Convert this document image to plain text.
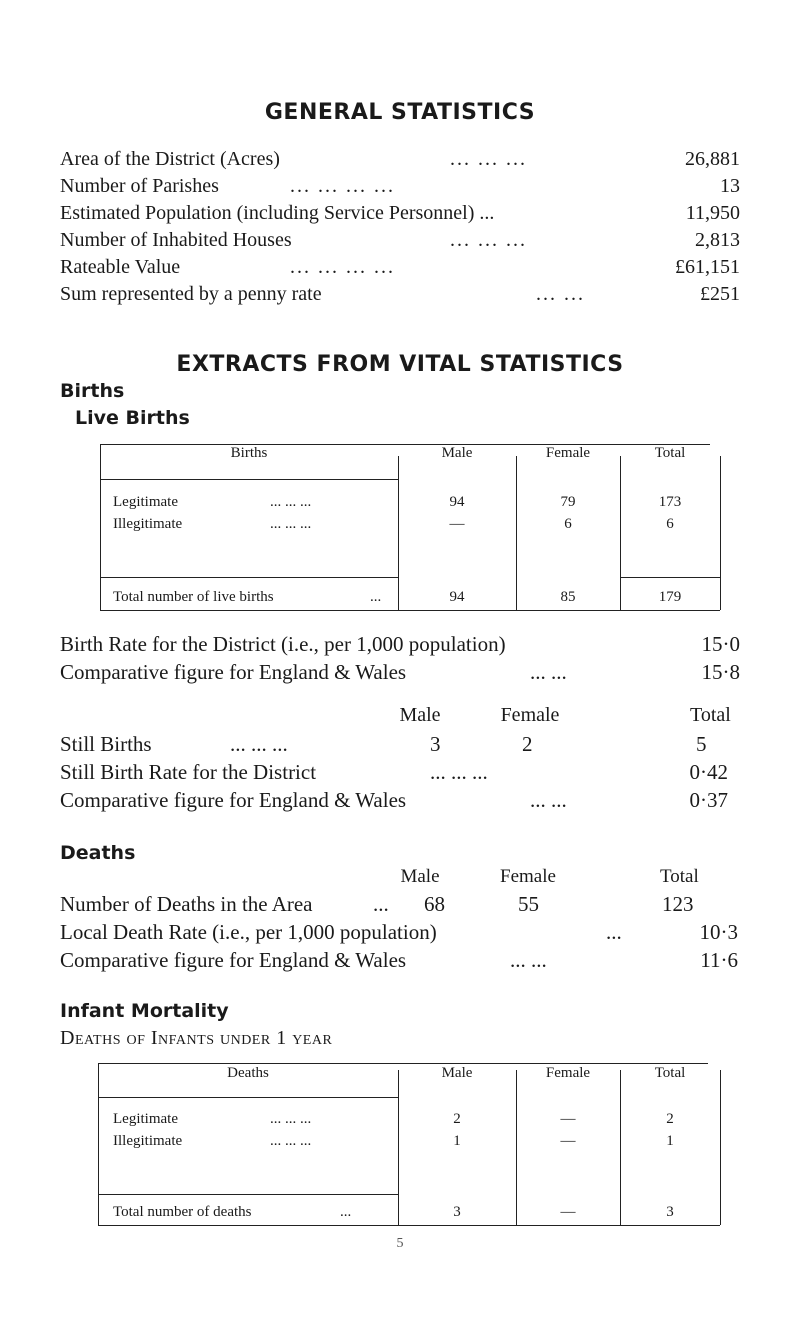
GENERAL STATISTICS
Area of the District (Acres)	... ... ...	26,881
Number of Parishes	... ... ... ...	13
Estimated Population (including Service Personnel) ...	11,950
Number of Inhabited Houses	... ... ...	2,813
Rateable Value	... ... ... ...	£61,151
Sum represented by a penny rate	... ...	£251
EXTRACTS FROM VITAL STATISTICS
Births
Live Births
Births	Male	Female	Total
Legitimate	... ... ...	94	79	173
Illegitimate	... ... ...	—	6	6
Total number of live births	...	94	85	179
Birth Rate for the District (i.e., per 1,000 population)	15·0
Comparative figure for England & Wales	... ...	15·8
Male	Female	Total
Still Births	... ... ...	3	2	5
Still Birth Rate for the District	... ... ...	0·42
Comparative figure for England & Wales	... ...	0·37
Deaths
Male	Female	Total
Number of Deaths in the Area	... 68	55	123
Local Death Rate (i.e., per 1,000 population)	...	10·3
Comparative figure for England & Wales	... ...	11·6
Infant Mortality
Deaths of Infants under 1 year
Deaths	Male	Female	Total
Legitimate	... ... ...	2	—	2
Illegitimate	... ... ...	1	—	1
Total number of deaths	...	3	—	3
5
